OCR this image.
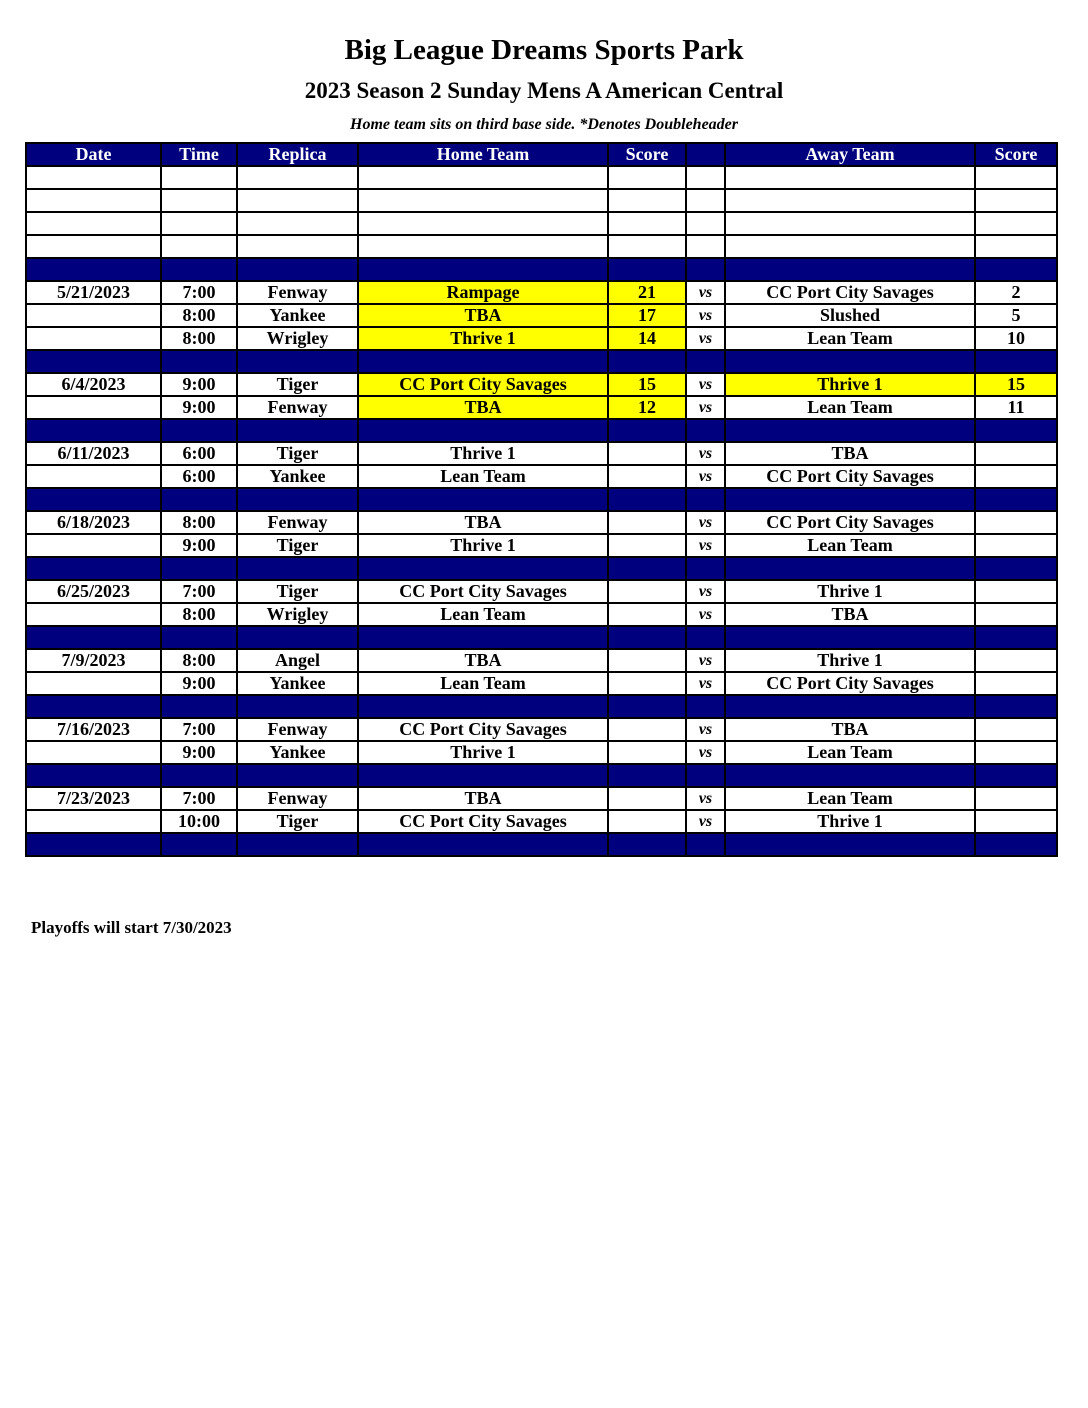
Big League Dreams Sports Park
2023 Season 2 Sunday Mens A American Central
Home team sits on third base side. *Denotes Doubleheader
Date	Time	Replica	Home Team	Score		Away Team	Score

5/21/2023	7:00	Fenway	Rampage	21	vs	CC Port City Savages	2
	8:00	Yankee	TBA	17	vs	Slushed	5
	8:00	Wrigley	Thrive 1	14	vs	Lean Team	10

6/4/2023	9:00	Tiger	CC Port City Savages	15	vs	Thrive 1	15
	9:00	Fenway	TBA	12	vs	Lean Team	11

6/11/2023	6:00	Tiger	Thrive 1		vs	TBA	
	6:00	Yankee	Lean Team		vs	CC Port City Savages	

6/18/2023	8:00	Fenway	TBA		vs	CC Port City Savages	
	9:00	Tiger	Thrive 1		vs	Lean Team	

6/25/2023	7:00	Tiger	CC Port City Savages		vs	Thrive 1	
	8:00	Wrigley	Lean Team		vs	TBA	

7/9/2023	8:00	Angel	TBA		vs	Thrive 1	
	9:00	Yankee	Lean Team		vs	CC Port City Savages	

7/16/2023	7:00	Fenway	CC Port City Savages		vs	TBA	
	9:00	Yankee	Thrive 1		vs	Lean Team	

7/23/2023	7:00	Fenway	TBA		vs	Lean Team	
	10:00	Tiger	CC Port City Savages		vs	Thrive 1	

Playoffs will start 7/30/2023
